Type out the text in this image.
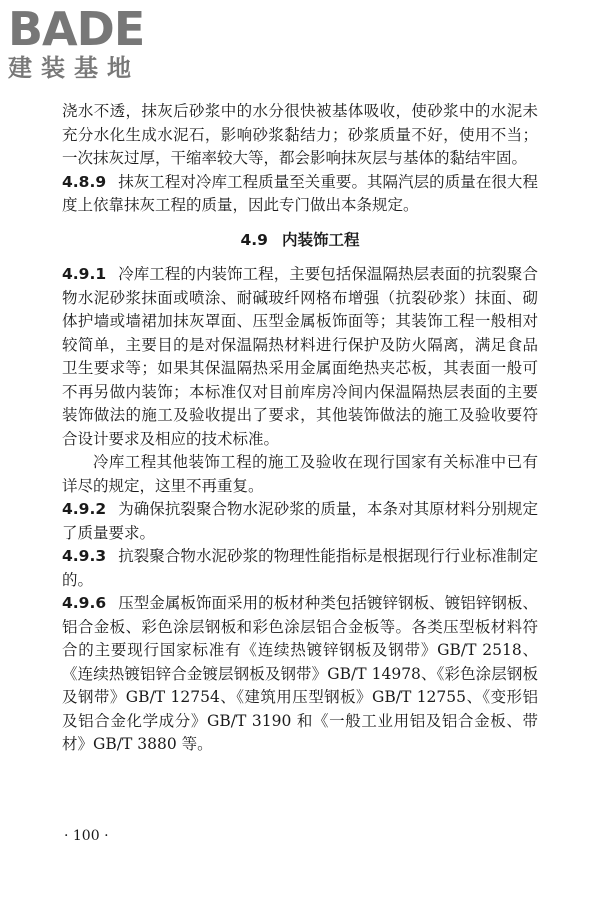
BADE
建装基地

浇水不透，抹灰后砂浆中的水分很快被基体吸收，使砂浆中的水泥未充分水化生成水泥石，影响砂浆黏结力；砂浆质量不好，使用不当；一次抹灰过厚，干缩率较大等，都会影响抹灰层与基体的黏结牢固。

4.8.9 抹灰工程对冷库工程质量至关重要。其隔汽层的质量在很大程度上依靠抹灰工程的质量，因此专门做出本条规定。

4.9 内装饰工程

4.9.1 冷库工程的内装饰工程，主要包括保温隔热层表面的抗裂聚合物水泥砂浆抹面或喷涂、耐碱玻纤网格布增强（抗裂砂浆）抹面、砌体护墙或墙裙加抹灰罩面、压型金属板饰面等；其装饰工程一般相对较简单，主要目的是对保温隔热材料进行保护及防火隔离，满足食品卫生要求等；如果其保温隔热采用金属面绝热夹芯板，其表面一般可不再另做内装饰；本标准仅对目前库房冷间内保温隔热层表面的主要装饰做法的施工及验收提出了要求，其他装饰做法的施工及验收要符合设计要求及相应的技术标准。

冷库工程其他装饰工程的施工及验收在现行国家有关标准中已有详尽的规定，这里不再重复。

4.9.2 为确保抗裂聚合物水泥砂浆的质量，本条对其原材料分别规定了质量要求。

4.9.3 抗裂聚合物水泥砂浆的物理性能指标是根据现行行业标准制定的。

4.9.6 压型金属板饰面采用的板材种类包括镀锌钢板、镀铝锌钢板、铝合金板、彩色涂层钢板和彩色涂层铝合金板等。各类压型板材料符合的主要现行国家标准有《连续热镀锌钢板及钢带》GB/T 2518、《连续热镀铝锌合金镀层钢板及钢带》GB/T 14978、《彩色涂层钢板及钢带》GB/T 12754、《建筑用压型钢板》GB/T 12755、《变形铝及铝合金化学成分》GB/T 3190 和《一般工业用铝及铝合金板、带材》GB/T 3880 等。

· 100 ·
